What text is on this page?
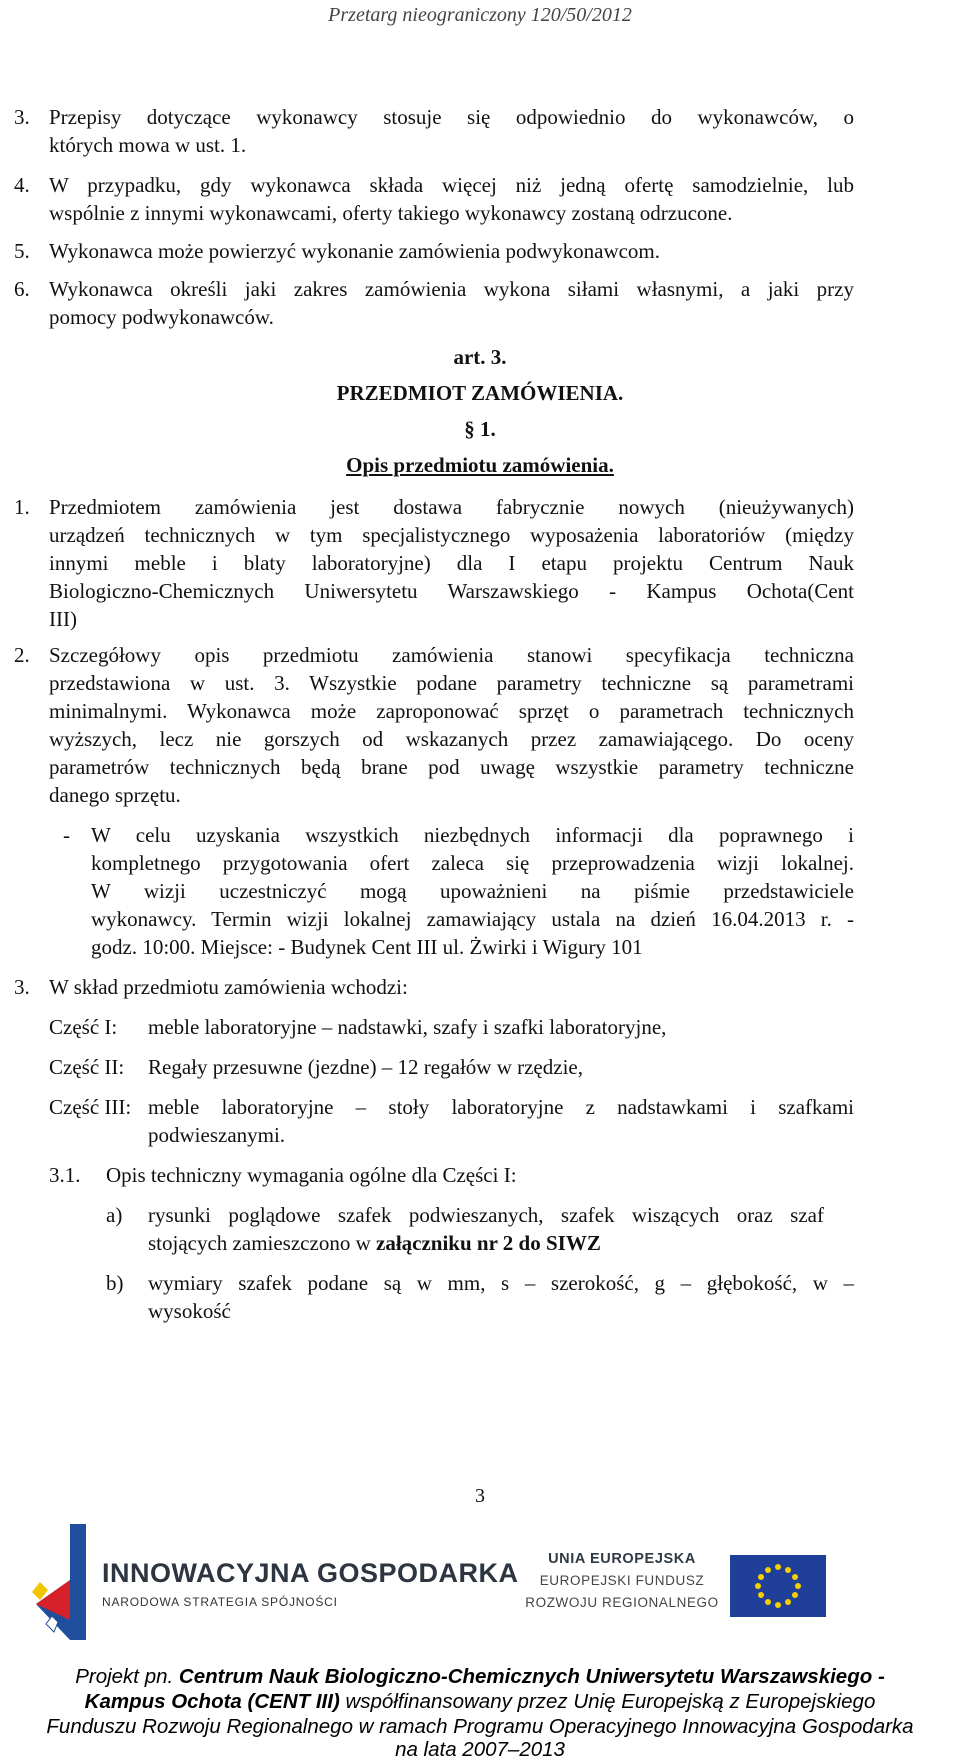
Przetarg nieograniczony 120/50/2012
3. Przepisy dotyczące wykonawcy stosuje się odpowiednio do wykonawców, o
których mowa w ust. 1.
4. W przypadku, gdy wykonawca składa więcej niż jedną ofertę samodzielnie, lub
wspólnie z innymi wykonawcami, oferty takiego wykonawcy zostaną odrzucone.
5. Wykonawca może powierzyć wykonanie zamówienia podwykonawcom.
6. Wykonawca określi jaki zakres zamówienia wykona siłami własnymi, a jaki przy
pomocy podwykonawców.
art. 3.
PRZEDMIOT ZAMÓWIENIA.
§ 1.
Opis przedmiotu zamówienia.
1. Przedmiotem zamówienia jest dostawa fabrycznie nowych (nieużywanych)
urządzeń technicznych w tym specjalistycznego wyposażenia laboratoriów (między
innymi meble i blaty laboratoryjne) dla I etapu projektu Centrum Nauk
Biologiczno-Chemicznych Uniwersytetu Warszawskiego - Kampus Ochota(Cent
III)
2. Szczegółowy opis przedmiotu zamówienia stanowi specyfikacja techniczna
przedstawiona w ust. 3. Wszystkie podane parametry techniczne są parametrami
minimalnymi. Wykonawca może zaproponować sprzęt o parametrach technicznych
wyższych, lecz nie gorszych od wskazanych przez zamawiającego. Do oceny
parametrów technicznych będą brane pod uwagę wszystkie parametry techniczne
danego sprzętu.
- W celu uzyskania wszystkich niezbędnych informacji dla poprawnego i
kompletnego przygotowania ofert zaleca się przeprowadzenia wizji lokalnej.
W wizji uczestniczyć mogą upoważnieni na piśmie przedstawiciele
wykonawcy. Termin wizji lokalnej zamawiający ustala na dzień 16.04.2013 r. -
godz. 10:00. Miejsce: - Budynek Cent III ul. Żwirki i Wigury 101
3. W skład przedmiotu zamówienia wchodzi:
Część I: meble laboratoryjne – nadstawki, szafy i szafki laboratoryjne,
Część II: Regały przesuwne (jezdne) – 12 regałów w rzędzie,
Część III: meble laboratoryjne – stoły laboratoryjne z nadstawkami i szafkami
podwieszanymi.
3.1. Opis techniczny wymagania ogólne dla Części I:
a) rysunki poglądowe szafek podwieszanych, szafek wiszących oraz szaf
stojących zamieszczono w załączniku nr 2 do SIWZ
b) wymiary szafek podane są w mm, s – szerokość, g – głębokość, w –
wysokość
3
INNOWACYJNA GOSPODARKA
NARODOWA STRATEGIA SPÓJNOŚCI
UNIA EUROPEJSKA
EUROPEJSKI FUNDUSZ
ROZWOJU REGIONALNEGO
Projekt pn. Centrum Nauk Biologiczno-Chemicznych Uniwersytetu Warszawskiego -
Kampus Ochota (CENT III) współfinansowany przez Unię Europejską z Europejskiego
Funduszu Rozwoju Regionalnego w ramach Programu Operacyjnego Innowacyjna Gospodarka
na lata 2007–2013
